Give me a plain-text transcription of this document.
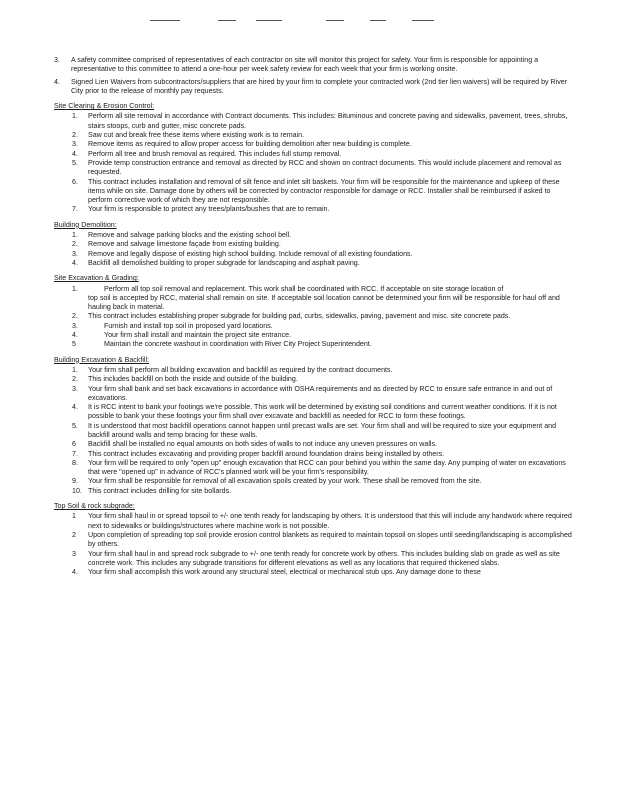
3.	A safety committee comprised of representatives of each contractor on site will monitor this project for safety. Your firm is responsible for appointing a representative to this committee to attend a one-hour per week safety review for each week that your firm is working onsite.
4.	Signed Lien Waivers from subcontractors/suppliers that are hired by your firm to complete your contracted work (2nd tier lien waivers) will be required by River City prior to the release of monthly pay requests.
Site Clearing & Erosion Control:
1.	Perform all site removal in accordance with Contract documents. This includes: Bituminous and concrete paving and sidewalks, pavement, trees, shrubs, stairs stoops, curb and gutter, misc concrete pads.
2.	Saw cut and break free these items where existing work is to remain.
3.	Remove items as required to allow proper access for building demolition after new building is complete.
4.	Perform all tree and brush removal as required. This includes full stump removal.
5.	Provide temp construction entrance and removal as directed by RCC and shown on contract documents. This would include placement and removal as requested.
6.	This contract includes installation and removal of silt fence and inlet silt baskets. Your firm will be responsible for the maintenance and upkeep of these items while on site. Damage done by others will be corrected by contractor responsible for damage or RCC. Installer shall be reimbursed if asked to perform corrective work of which they are not responsible.
7.	Your firm is responsible to protect any trees/plants/bushes that are to remain.
Building Demolition:
1.	Remove and salvage parking blocks and the existing school bell.
2.	Remove and salvage limestone façade from existing building.
3.	Remove and legally dispose of existing high school building. Include removal of all existing foundations.
4.	Backfill all demolished building to proper subgrade for landscaping and asphalt paving.
Site Excavation & Grading:
1.	Perform all top soil removal and replacement. This work shall be coordinated with RCC. If acceptable on site storage location of
top soil is accepted by RCC, material shall remain on site. If acceptable soil location cannot be determined your firm will be responsible for haul off and hauling back in material.
2.	This contract includes establishing proper subgrade for building pad, curbs, sidewalks, paving, pavement and misc. site concrete pads.
3.	Furnish and install top soil in proposed yard locations.
4.	Your firm shall install and maintain the project site entrance.
5	Maintain the concrete washout in coordination with River City Project Superintendent.
Building Excavation & Backfill:
1.	Your firm shall perform all building excavation and backfill as required by the contract documents.
2.	This includes backfill on both the inside and outside of the building.
3.	Your firm shall bank and set back excavations in accordance with OSHA requirements and as directed by RCC to ensure safe entrance in and out of excavations.
4.	It is RCC intent to bank your footings we're possible. This work will be determined by existing soil conditions and current weather conditions. If it is not possible to bank your these footings your firm shall over excavate and backfill as needed for RCC to form these footings.
5.	It is understood that most backfill operations cannot happen until precast walls are set. Your firm shall and will be required to size your equipment and backfill around walls and temp bracing for these walls.
6	Backfill shall be installed no equal amounts on both sides of walls to not induce any uneven pressures on walls.
7.	This contract includes excavating and providing proper backfill around foundation drains being installed by others.
8.	Your firm will be required to only "open up" enough excavation that RCC can pour behind you within the same day. Any pumping of water on excavations that were "opened up" in advance of RCC's planned work will be your firm's responsibility.
9.	Your firm shall be responsible for removal of all excavation spoils created by your work. These shall be removed from the site.
10. This contract includes drilling for site bollards.
Top Soil & rock subgrade:
1	Your firm shall haul in or spread topsoil to +/- one tenth ready for landscaping by others. It is understood that this will include any handwork where required next to sidewalks or buildings/structures where machine work is not possible.
2	Upon completion of spreading top soil provide erosion control blankets as required to maintain topsoil on slopes until seeding/landscaping is accomplished by others.
3	Your firm shall haul in and spread rock subgrade to +/- one tenth ready for concrete work by others. This includes building slab on grade as well as site concrete work. This includes any subgrade transitions for different elevations as well as any locations that required thickened slabs.
4.	Your firm shall accomplish this work around any structural steel, electrical or mechanical stub ups. Any damage done to these
